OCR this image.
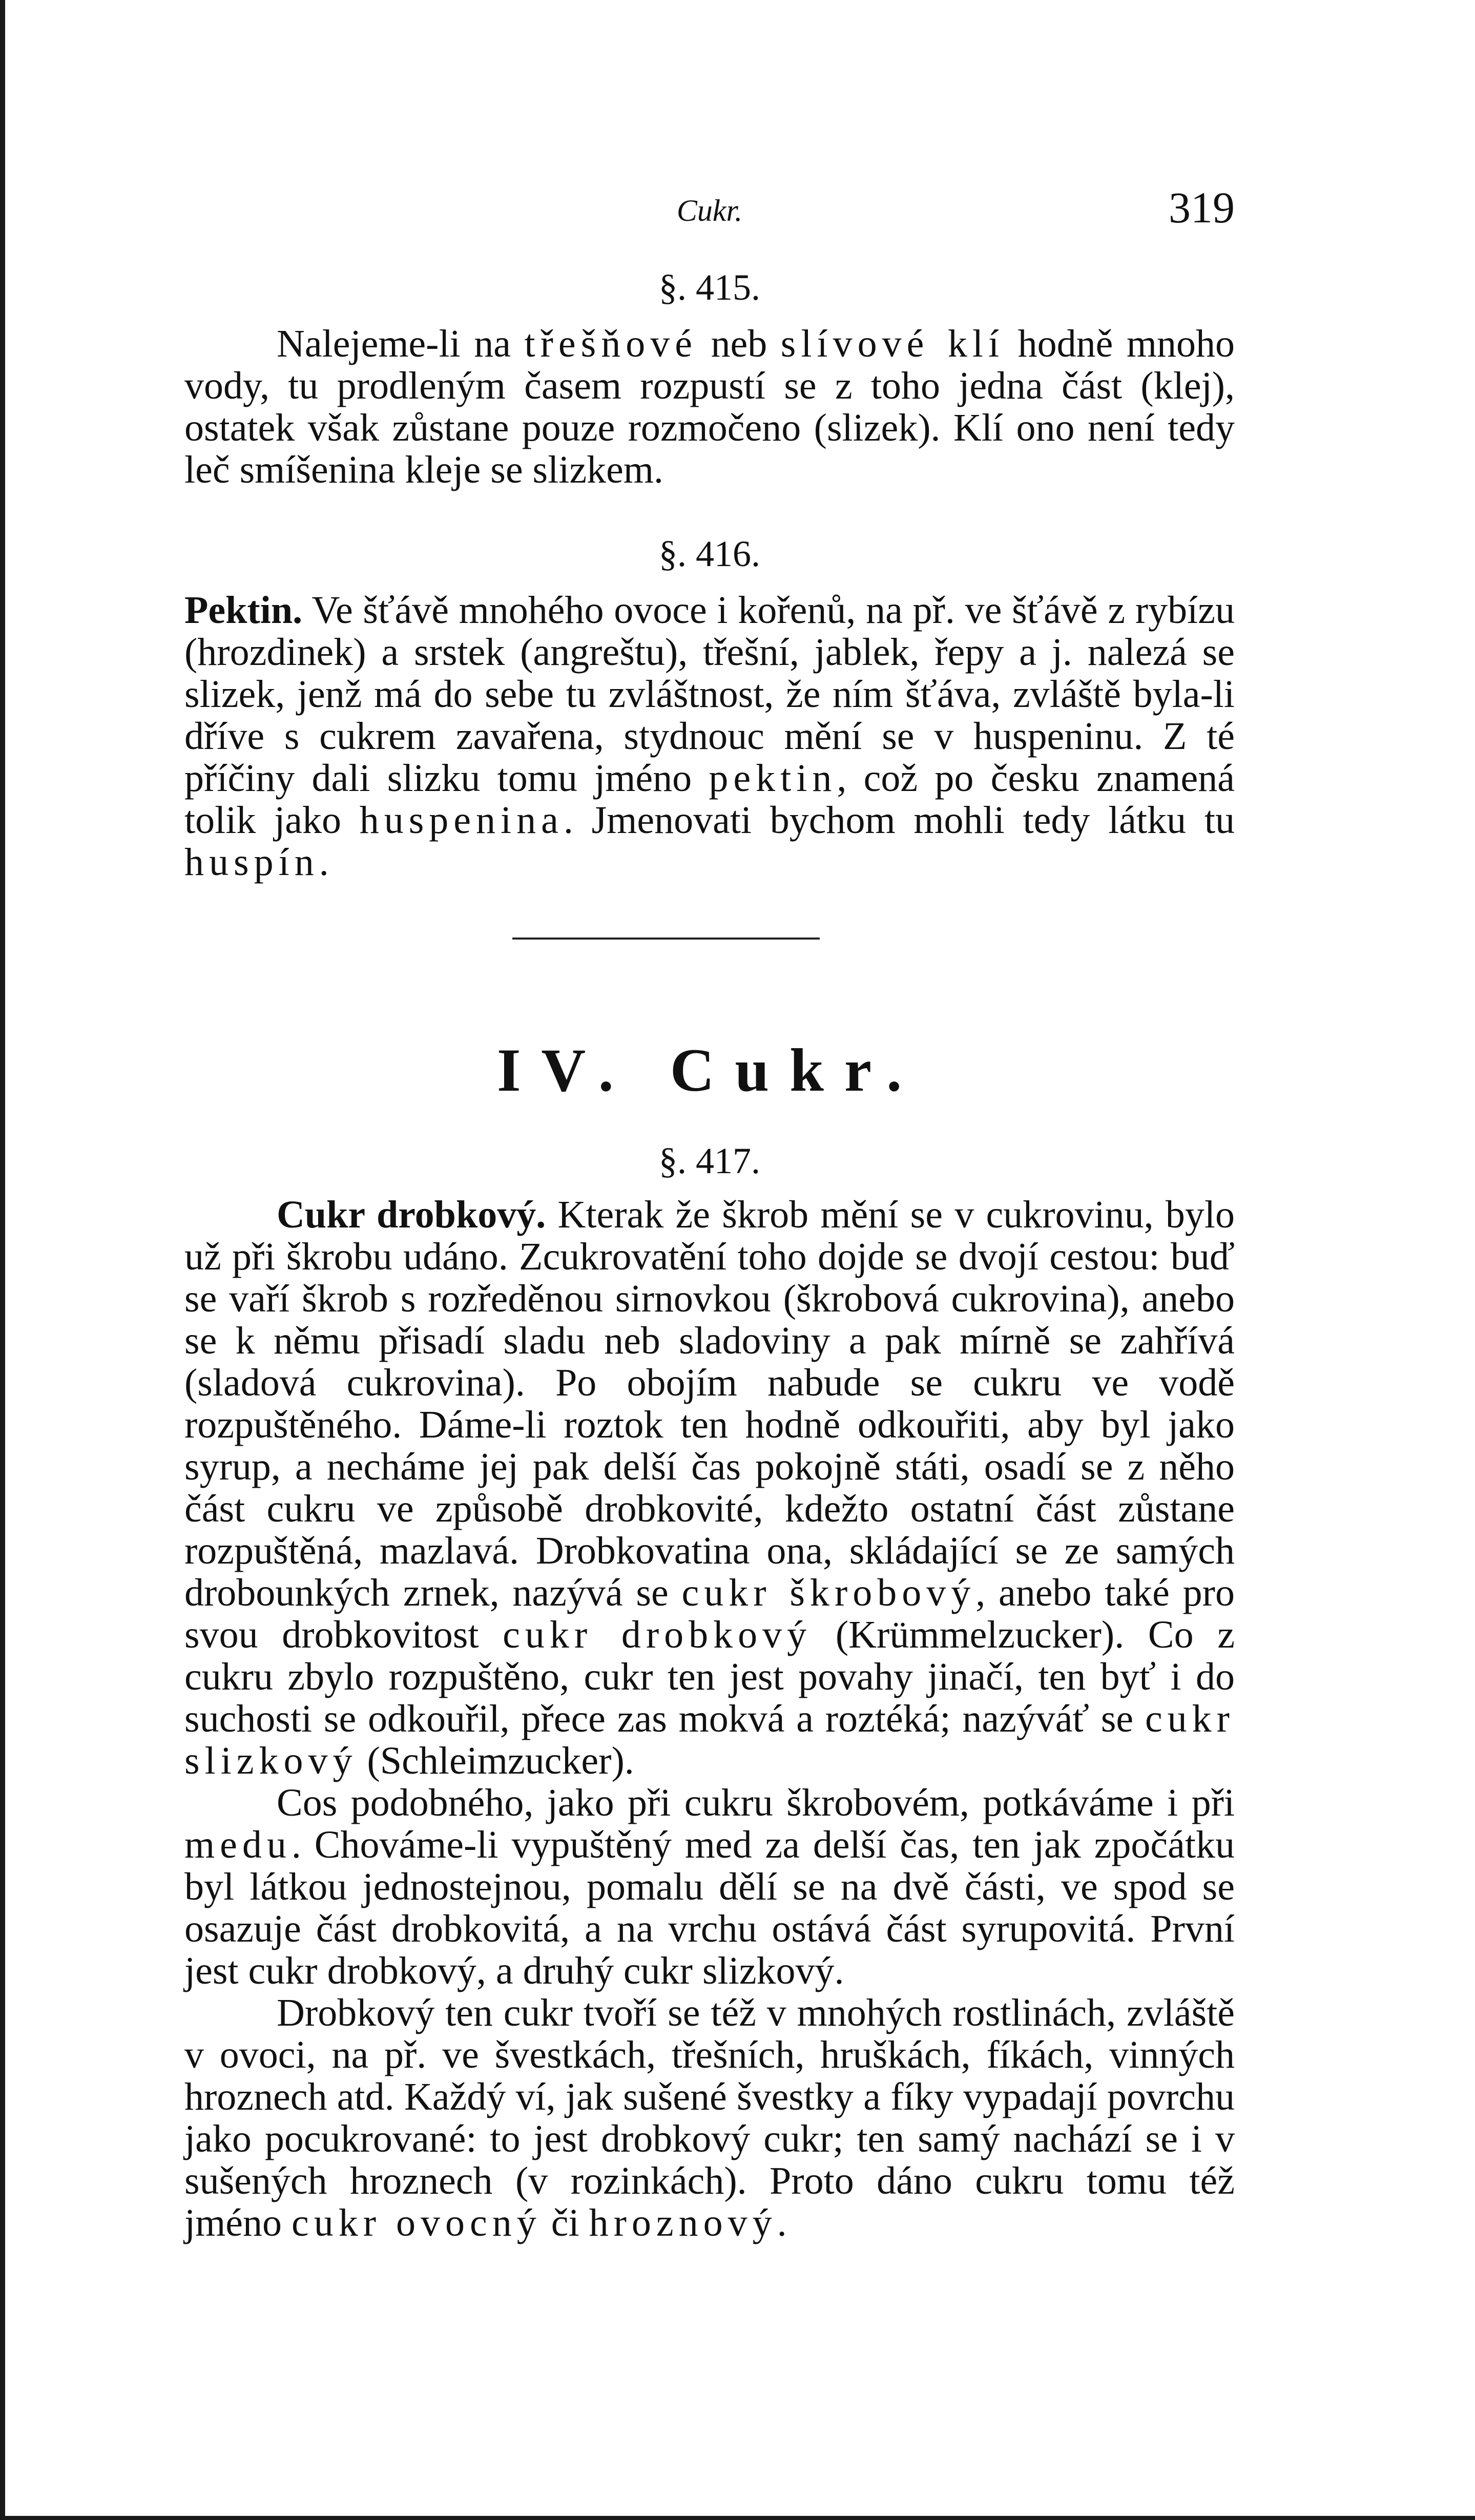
Cukr.	319
§. 415.

Nalejeme-li na třešňové neb slívové klí hodně mnoho vody, tu prodleným časem rozpustí se z toho jedna část (klej), ostatek však zůstane pouze rozmočeno (slizek). Klí ono není tedy leč smíšenina kleje se slizkem.

§. 416.

Pektin. Ve šťávě mnohého ovoce i kořenů, na př. ve šťávě z rybízu (hrozdinek) a srstek (angreštu), třešní, jablek, řepy a j. nalezá se slizek, jenž má do sebe tu zvláštnost, že ním šťáva, zvláště byla-li dříve s cukrem zavařena, stydnouc mění se v huspeninu. Z té příčiny dali slizku tomu jméno pektin, což po česku znamená tolik jako huspenina. Jmenovati bychom mohli tedy látku tu huspín.

IV. Cukr.
§. 417.

Cukr drobkový. Kterak že škrob mění se v cukrovinu, bylo už při škrobu udáno. Zcukrovatění toho dojde se dvojí cestou: buď se vaří škrob s rozředěnou sirnovkou (škrobová cukrovina), anebo se k němu přisadí sladu neb sladoviny a pak mírně se zahřívá (sladová cukrovina). Po obojím nabude se cukru ve vodě rozpuštěného. Dáme-li roztok ten hodně odkouřiti, aby byl jako syrup, a necháme jej pak delší čas pokojně státi, osadí se z něho část cukru ve způsobě drobkovité, kdežto ostatní část zůstane rozpuštěná, mazlavá. Drobkovatina ona, skládající se ze samých drobounkých zrnek, nazývá se cukr škrobový, anebo také pro svou drobkovitost cukr drobkový (Krümmelzucker). Co z cukru zbylo rozpuštěno, cukr ten jest povahy jinačí, ten byť i do suchosti se odkouřil, přece zas mokvá a roztéká; nazýváť se cukr slizkový (Schleimzucker).

Cos podobného, jako při cukru škrobovém, potkáváme i při medu. Chováme-li vypuštěný med za delší čas, ten jak zpočátku byl látkou jednostejnou, pomalu dělí se na dvě části, ve spod se osazuje část drobkovitá, a na vrchu ostává část syrupovitá. První jest cukr drobkový, a druhý cukr slizkový.

Drobkový ten cukr tvoří se též v mnohých rostlinách, zvláště v ovoci, na př. ve švestkách, třešních, hruškách, fíkách, vinných hroznech atd. Každý ví, jak sušené švestky a fíky vypadají povrchu jako pocukrované: to jest drobkový cukr; ten samý nachází se i v sušených hroznech (v rozinkách). Proto dáno cukru tomu též jméno cukr ovocný či hroznový.
